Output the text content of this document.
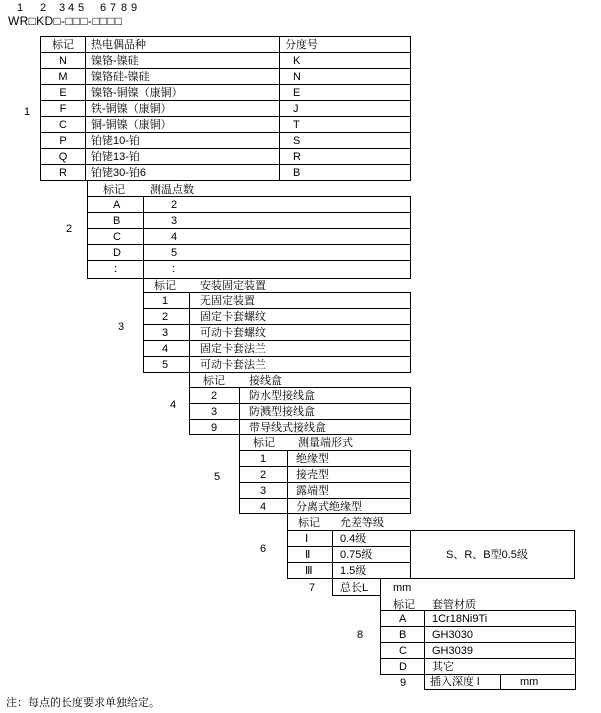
1 2 3 4 5 6 7 8 9
WR□KD□-□□□-□□□□
1
标记	热电偶品种	分度号
N	镍铬-镍硅	K
M	镍铬硅-镍硅	N
E	镍铬-铜镍（康铜）	E
F	铁-铜镍（康铜）	J
C	铜-铜镍（康铜）	T
P	铂铑10-铂	S
Q	铂铑13-铂	R
R	铂铑30-铂6	B
2
标记 测温点数
A	2
B	3
C	4
D	5
：	：
3
标记 安装固定装置
1	无固定装置
2	固定卡套螺纹
3	可动卡套螺纹
4	固定卡套法兰
5	可动卡套法兰
4
标记 接线盒
2	防水型接线盒
3	防溅型接线盒
9	带导线式接线盒
5
标记 测量端形式
1	绝缘型
2	接壳型
3	露端型
4	分离式绝缘型
6
标记 允差等级
Ⅰ	0.4级
Ⅱ	0.75级
Ⅲ 1.5级
S、R、B型0.5级
7 总长L mm
8
标记 套管材质
A 1Cr18Ni9Ti
B GH3030
C GH3039
D 其它
9 插入深度 l	mm
注：每点的长度要求单独给定。
